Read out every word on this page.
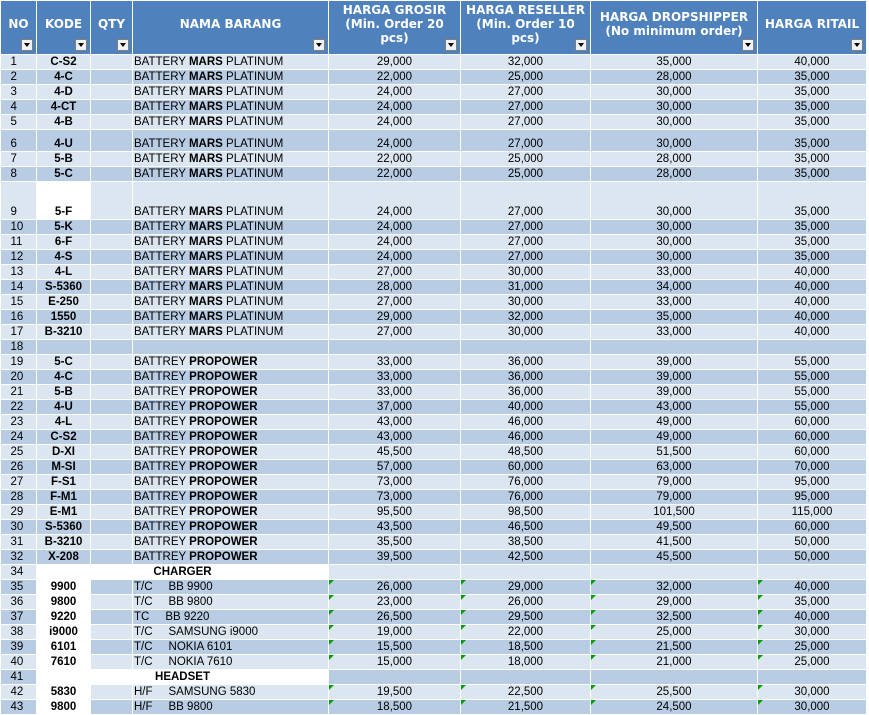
NO	KODE	QTY	NAMA BARANG	HARGA GROSIR (Min. Order 20 pcs)	HARGA RESELLER (Min. Order 10 pcs)	HARGA DROPSHIPPER (No minimum order)	HARGA RITAIL

1	C-S2		BATTERY MARS PLATINUM	29,000	32,000	35,000	40,000
2	4-C		BATTERY MARS PLATINUM	22,000	25,000	28,000	35,000
3	4-D		BATTERY MARS PLATINUM	24,000	27,000	30,000	35,000
4	4-CT		BATTERY MARS PLATINUM	24,000	27,000	30,000	35,000
5	4-B		BATTERY MARS PLATINUM	24,000	27,000	30,000	35,000
6	4-U		BATTERY MARS PLATINUM	24,000	27,000	30,000	35,000
7	5-B		BATTERY MARS PLATINUM	22,000	25,000	28,000	35,000
8	5-C		BATTERY MARS PLATINUM	22,000	25,000	28,000	35,000
9	5-F		BATTERY MARS PLATINUM	24,000	27,000	30,000	35,000
10	5-K		BATTERY MARS PLATINUM	24,000	27,000	30,000	35,000
11	6-F		BATTERY MARS PLATINUM	24,000	27,000	30,000	35,000
12	4-S		BATTERY MARS PLATINUM	24,000	27,000	30,000	35,000
13	4-L		BATTERY MARS PLATINUM	27,000	30,000	33,000	40,000
14	S-5360		BATTERY MARS PLATINUM	28,000	31,000	34,000	40,000
15	E-250		BATTERY MARS PLATINUM	27,000	30,000	33,000	40,000
16	1550		BATTERY MARS PLATINUM	29,000	32,000	35,000	40,000
17	B-3210		BATTERY MARS PLATINUM	27,000	30,000	33,000	40,000
18							
19	5-C		BATTREY PROPOWER	33,000	36,000	39,000	55,000
20	4-C		BATTREY PROPOWER	33,000	36,000	39,000	55,000
21	5-B		BATTREY PROPOWER	33,000	36,000	39,000	55,000
22	4-U		BATTREY PROPOWER	37,000	40,000	43,000	55,000
23	4-L		BATTREY PROPOWER	43,000	46,000	49,000	60,000
24	C-S2		BATTREY PROPOWER	43,000	46,000	49,000	60,000
25	D-XI		BATTREY PROPOWER	45,500	48,500	51,500	60,000
26	M-SI		BATTREY PROPOWER	57,000	60,000	63,000	70,000
27	F-S1		BATTREY PROPOWER	73,000	76,000	79,000	95,000
28	F-M1		BATTREY PROPOWER	73,000	76,000	79,000	95,000
29	E-M1		BATTREY PROPOWER	95,500	98,500	101,500	115,000
30	S-5360		BATTREY PROPOWER	43,500	46,500	49,500	60,000
31	B-3210		BATTREY PROPOWER	35,500	38,500	41,500	50,000
32	X-208		BATTREY PROPOWER	39,500	42,500	45,500	50,000
34	CHARGER						
35	9900		T/C BB 9900	26,000	29,000	32,000	40,000
36	9800		T/C BB 9800	23,000	26,000	29,000	35,000
37	9220		TC BB 9220	26,500	29,500	32,500	40,000
38	i9000		T/C SAMSUNG i9000	19,000	22,000	25,000	30,000
39	6101		T/C NOKIA 6101	15,500	18,500	21,500	25,000
40	7610		T/C NOKIA 7610	15,000	18,000	21,000	25,000
41	HEADSET						
42	5830		H/F SAMSUNG 5830	19,500	22,500	25,500	30,000
43	9800		H/F BB 9800	18,500	21,500	24,500	30,000
